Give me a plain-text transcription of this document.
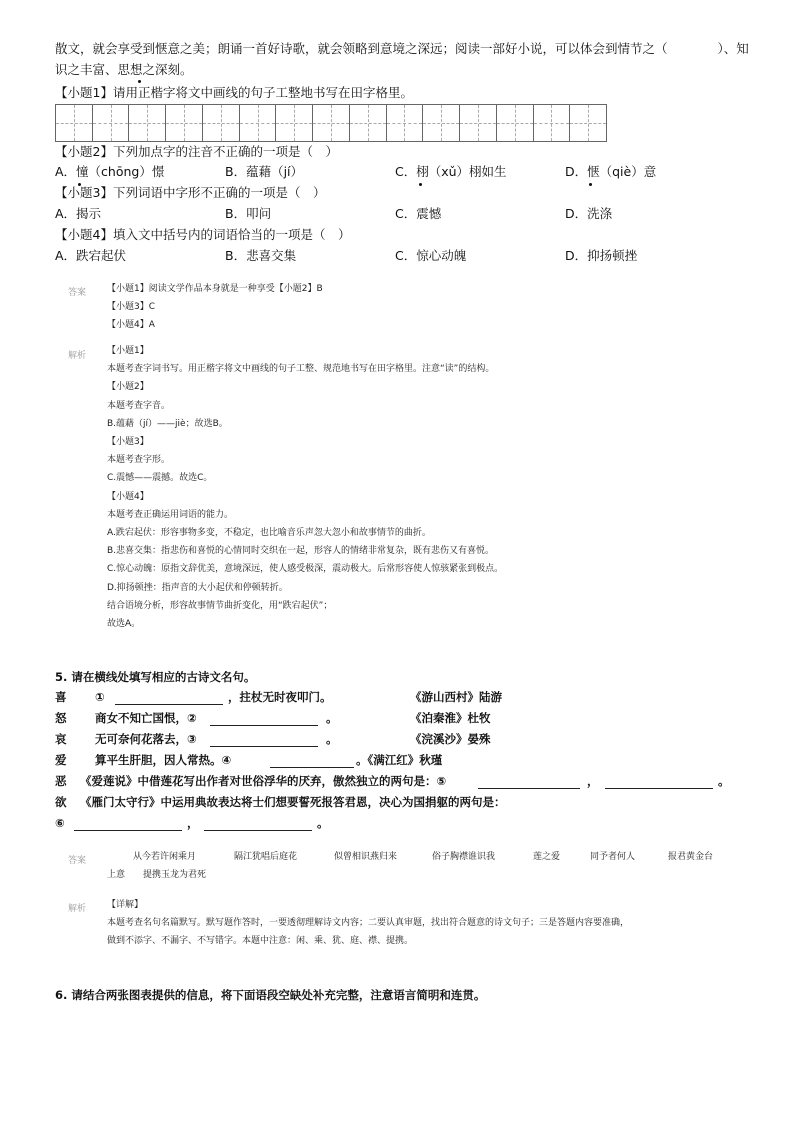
散文，就会享受到惬意之美；朗诵一首好诗歌，就会领略到意境之深远；阅读一部好小说，可以体会到情节之（　　　　）、知
识之丰富、思想之深刻。
【小题1】请用正楷字将文中画线的句子工整地书写在田字格里。
【小题2】下列加点字的注音不正确的一项是（　）
A．憧（chōng）憬	B．蕴藉（jí）	C．栩（xǔ）栩如生	D．惬（qiè）意
【小题3】下列词语中字形不正确的一项是（　）
A．揭示	B．叩问	C．震憾	D．洗涤
【小题4】填入文中括号内的词语恰当的一项是（　）
A．跌宕起伏	B．悲喜交集	C．惊心动魄	D．抑扬顿挫
答案 【小题1】阅读文学作品本身就是一种享受【小题2】B
【小题3】C
【小题4】A
解析 【小题1】
本题考查字词书写。用正楷字将文中画线的句子工整、规范地书写在田字格里。注意“读”的结构。
【小题2】
本题考查字音。
B.蕴藉（jí）——jiè；故选B。
【小题3】
本题考查字形。
C.震憾——震撼。故选C。
【小题4】
本题考查正确运用词语的能力。
A.跌宕起伏：形容事物多变，不稳定，也比喻音乐声忽大忽小和故事情节的曲折。
B.悲喜交集：指悲伤和喜悦的心情同时交织在一起，形容人的情绪非常复杂，既有悲伤又有喜悦。
C.惊心动魄：原指文辞优美，意境深远，使人感受极深，震动极大。后常形容使人惊骇紧张到极点。
D.抑扬顿挫：指声音的大小起伏和停顿转折。
结合语境分析，形容故事情节曲折变化，用“跌宕起伏”；
故选A。
5. 请在横线处填写相应的古诗文名句。
喜 ①	，拄杖无时夜叩门。	《游山西村》陆游
怒 商女不知亡国恨，②	。	《泊秦淮》杜牧
哀 无可奈何花落去，③	。	《浣溪沙》晏殊
爱 算平生肝胆，因人常热。④	。《满江红》秋瑾
恶 《爱莲说》中借莲花写出作者对世俗浮华的厌弃，傲然独立的两句是：⑤	，	。
欲 《雁门太守行》中运用典故表达将士们想要誓死报答君恩，决心为国捐躯的两句是：
⑥	，	。
答案	从今若许闲乘月	隔江犹唱后庭花	似曾相识燕归来	俗子胸襟谁识我	莲之爱	同予者何人	报君黄金台
上意　　提携玉龙为君死
解析 【详解】
本题考查名句名篇默写。默写题作答时，一要透彻理解诗文内容；二要认真审题，找出符合题意的诗文句子；三是答题内容要准确，
做到不添字、不漏字、不写错字。本题中注意：闲、乘、犹、庭、襟、提携。
6. 请结合两张图表提供的信息，将下面语段空缺处补充完整，注意语言简明和连贯。
